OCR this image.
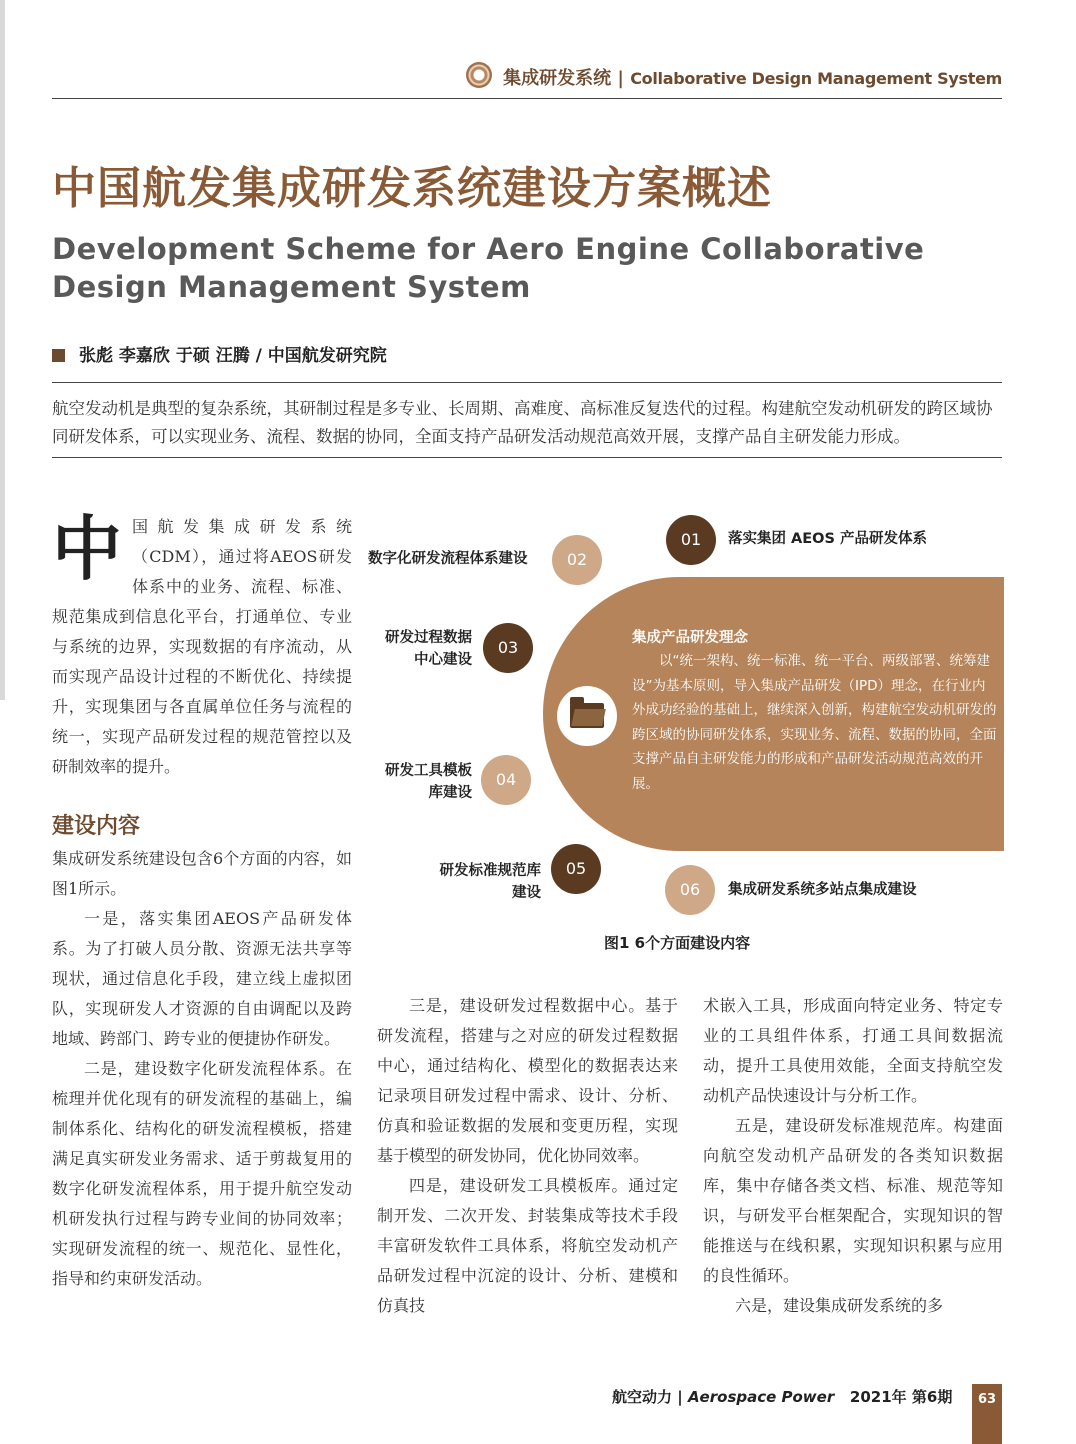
集成研发系统 | Collaborative Design Management System
中国航发集成研发系统建设方案概述
Development Scheme for Aero Engine Collaborative Design Management System
张彪 李嘉欣 于硕 汪腾 / 中国航发研究院
航空发动机是典型的复杂系统，其研制过程是多专业、长周期、高难度、高标准反复迭代的过程。构建航空发动机研发的跨区域协同研发体系，可以实现业务、流程、数据的协同，全面支持产品研发活动规范高效开展，支撑产品自主研发能力形成。

中国航发集成研发系统（CDM），通过将AEOS研发体系中的业务、流程、标准、规范集成到信息化平台，打通单位、专业与系统的边界，实现数据的有序流动，从而实现产品设计过程的不断优化、持续提升，实现集团与各直属单位任务与流程的统一，实现产品研发过程的规范管控以及研制效率的提升。

建设内容

集成研发系统建设包含6个方面的内容，如图1所示。

一是，落实集团AEOS产品研发体系。为了打破人员分散、资源无法共享等现状，通过信息化手段，建立线上虚拟团队，实现研发人才资源的自由调配以及跨地域、跨部门、跨专业的便捷协作研发。

二是，建设数字化研发流程体系。在梳理并优化现有的研发流程的基础上，编制体系化、结构化的研发流程模板，搭建满足真实研发业务需求、适于剪裁复用的数字化研发流程体系，用于提升航空发动机研发执行过程与跨专业间的协同效率；实现研发流程的统一、规范化、显性化，指导和约束研发活动。

集成产品研发理念
以“统一架构、统一标准、统一平台、两级部署、统筹建设”为基本原则，导入集成产品研发（IPD）理念，在行业内外成功经验的基础上，继续深入创新，构建航空发动机研发的跨区域的协同研发体系，实现业务、流程、数据的协同，全面支撑产品自主研发能力的形成和产品研发活动规范高效的开展。
01	落实集团 AEOS 产品研发体系
02
数字化研发流程体系建设
03
研发过程数据
中心建设
04
研发工具模板
库建设
05
研发标准规范库
建设	06	集成研发系统多站点集成建设
图1 6个方面建设内容

三是，建设研发过程数据中心。基于研发流程，搭建与之对应的研发过程数据中心，通过结构化、模型化的数据表达来记录项目研发过程中需求、设计、分析、仿真和验证数据的发展和变更历程，实现基于模型的研发协同，优化协同效率。

四是，建设研发工具模板库。通过定制开发、二次开发、封装集成等技术手段丰富研发软件工具体系，将航空发动机产品研发过程中沉淀的设计、分析、建模和仿真技

术嵌入工具，形成面向特定业务、特定专业的工具组件体系，打通工具间数据流动，提升工具使用效能，全面支持航空发动机产品快速设计与分析工作。

五是，建设研发标准规范库。构建面向航空发动机产品研发的各类知识数据库，集中存储各类文档、标准、规范等知识，与研发平台框架配合，实现知识的智能推送与在线积累，实现知识积累与应用的良性循环。

六是，建设集成研发系统的多

航空动力 | Aerospace Power 2021年 第6期	63
